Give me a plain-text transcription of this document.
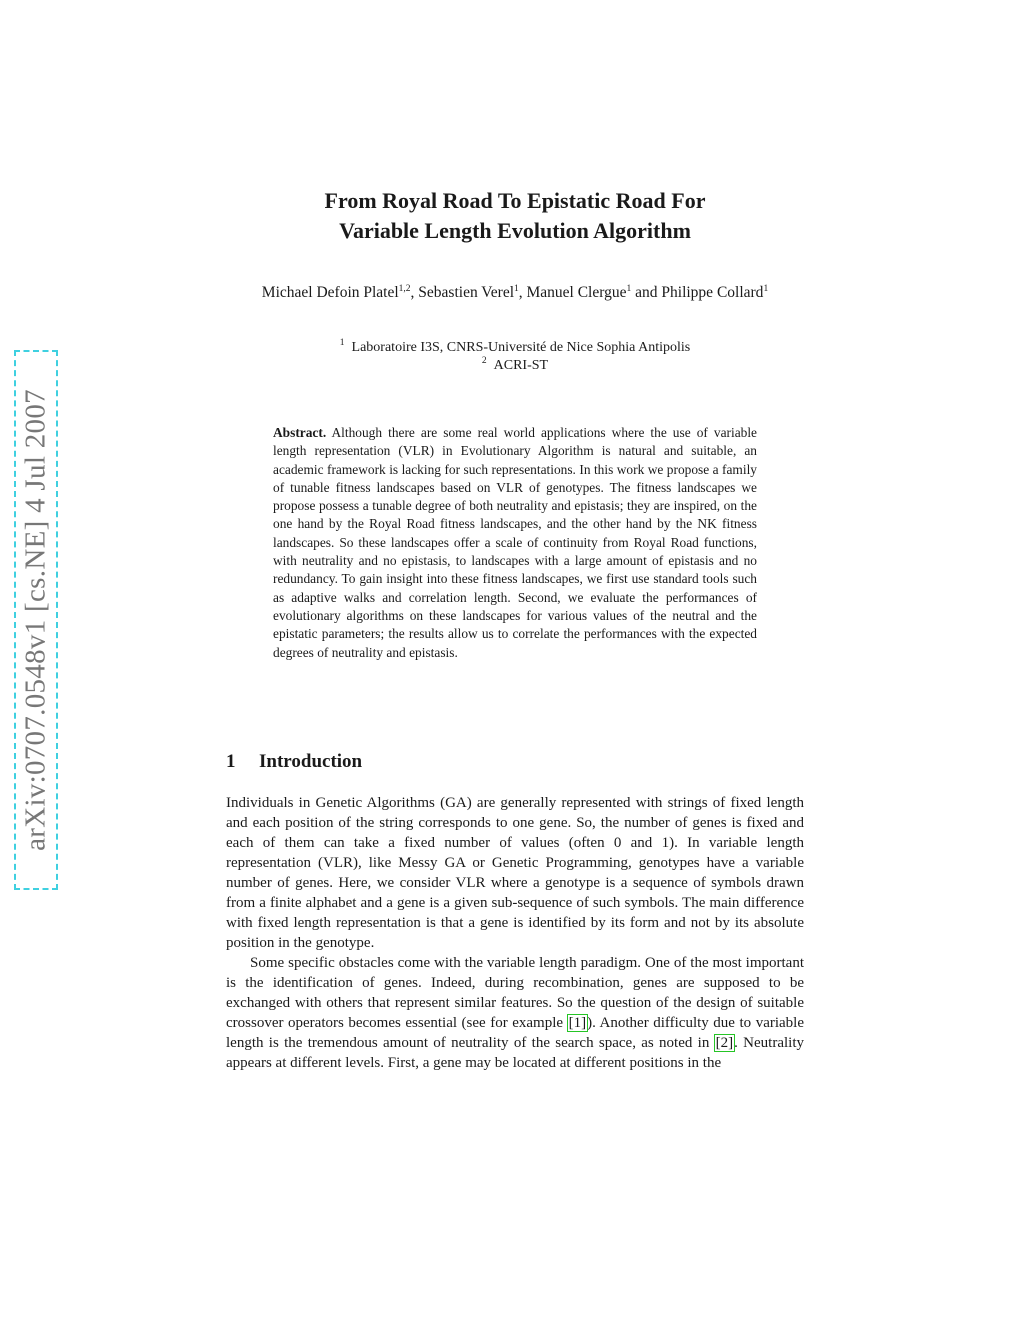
arXiv:0707.0548v1 [cs.NE] 4 Jul 2007
From Royal Road To Epistatic Road For
Variable Length Evolution Algorithm
Michael Defoin Platel$^{1,2}$, Sebastien Verel$^1$, Manuel Clergue$^1$ and Philippe Collard$^1$
$^1$ Laboratoire I3S, CNRS-Université de Nice Sophia Antipolis
$^2$ ACRI-ST
Abstract. Although there are some real world applications where the use of variable length representation (VLR) in Evolutionary Algorithm is natural and suitable, an academic framework is lacking for such representations. In this work we propose a family of tunable fitness landscapes based on VLR of genotypes. The fitness landscapes we propose possess a tunable degree of both neutrality and epistasis; they are inspired, on the one hand by the Royal Road fitness landscapes, and the other hand by the NK fitness landscapes. So these landscapes offer a scale of continuity from Royal Road functions, with neutrality and no epistasis, to landscapes with a large amount of epistasis and no redundancy. To gain insight into these fitness landscapes, we first use standard tools such as adaptive walks and correlation length. Second, we evaluate the performances of evolutionary algorithms on these landscapes for various values of the neutral and the epistatic parameters; the results allow us to correlate the performances with the expected degrees of neutrality and epistasis.
1 Introduction

Individuals in Genetic Algorithms (GA) are generally represented with strings of fixed length and each position of the string corresponds to one gene. So, the number of genes is fixed and each of them can take a fixed number of values (often 0 and 1). In variable length representation (VLR), like Messy GA or Genetic Programming, genotypes have a variable number of genes. Here, we consider VLR where a genotype is a sequence of symbols drawn from a finite alphabet and a gene is a given sub-sequence of such symbols. The main difference with fixed length representation is that a gene is identified by its form and not by its absolute position in the genotype.

Some specific obstacles come with the variable length paradigm. One of the most important is the identification of genes. Indeed, during recombination, genes are supposed to be exchanged with others that represent similar features. So the question of the design of suitable crossover operators becomes essential (see for example [1]). Another difficulty due to variable length is the tremendous amount of neutrality of the search space, as noted in [2]. Neutrality appears at different levels. First, a gene may be located at different positions in the
